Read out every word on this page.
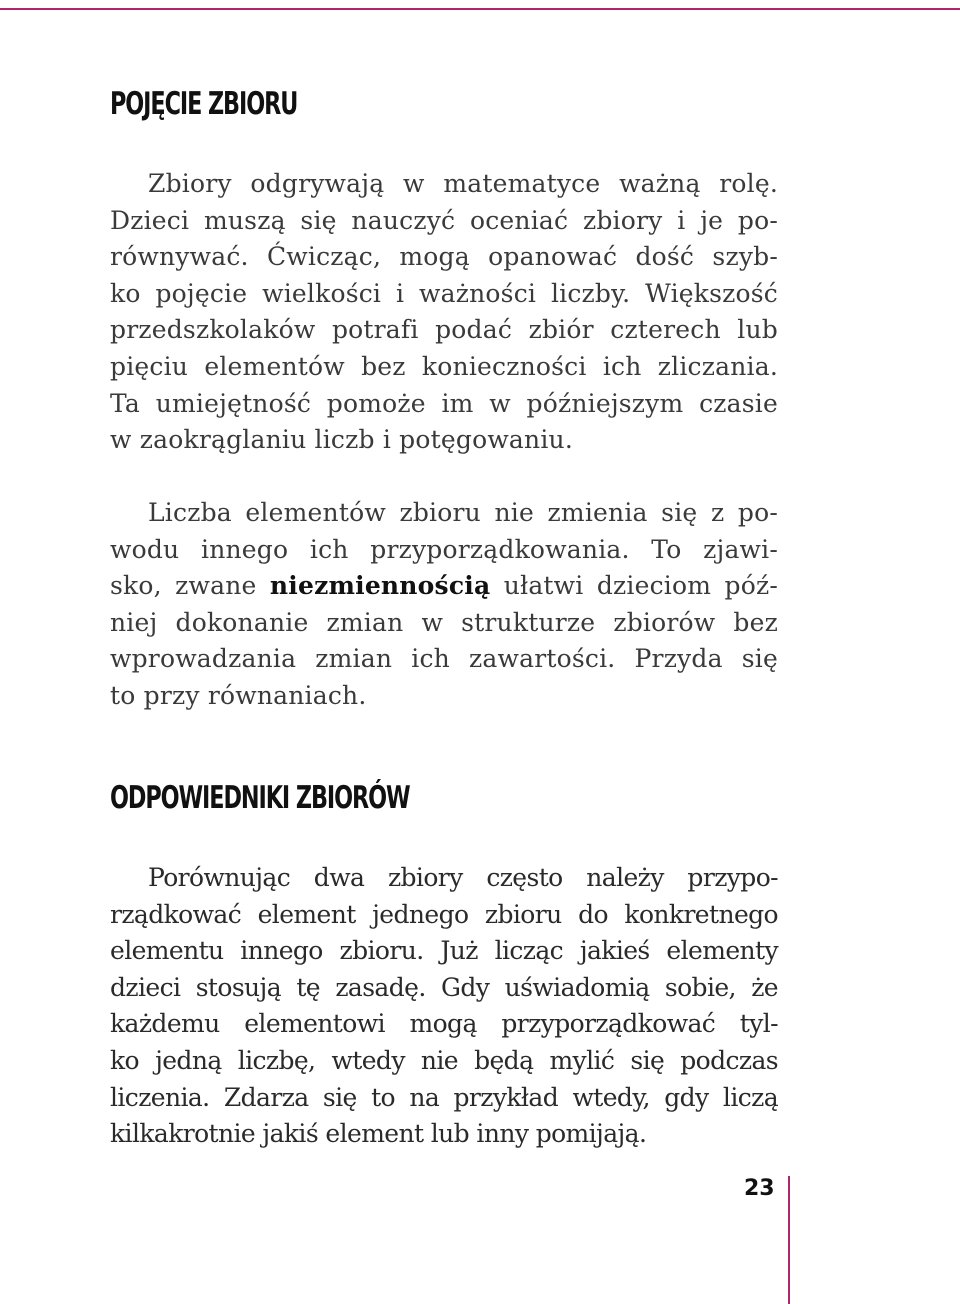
POJĘCIE ZBIORU
Zbiory odgrywają w matematyce ważną rolę.
Dzieci muszą się nauczyć oceniać zbiory i je po-
równywać. Ćwicząc, mogą opanować dość szyb-
ko pojęcie wielkości i ważności liczby. Większość
przedszkolaków potrafi podać zbiór czterech lub
pięciu elementów bez konieczności ich zliczania.
Ta umiejętność pomoże im w późniejszym czasie
w zaokrąglaniu liczb i potęgowaniu.
Liczba elementów zbioru nie zmienia się z po-
wodu innego ich przyporządkowania. To zjawi-
sko, zwane niezmiennością ułatwi dzieciom póź-
niej dokonanie zmian w strukturze zbiorów bez
wprowadzania zmian ich zawartości. Przyda się
to przy równaniach.
ODPOWIEDNIKI ZBIORÓW
Porównując dwa zbiory często należy przypo-
rządkować element jednego zbioru do konkretnego
elementu innego zbioru. Już licząc jakieś elementy
dzieci stosują tę zasadę. Gdy uświadomią sobie, że
każdemu elementowi mogą przyporządkować tyl-
ko jedną liczbę, wtedy nie będą mylić się podczas
liczenia. Zdarza się to na przykład wtedy, gdy liczą
kilkakrotnie jakiś element lub inny pomijają.
23
